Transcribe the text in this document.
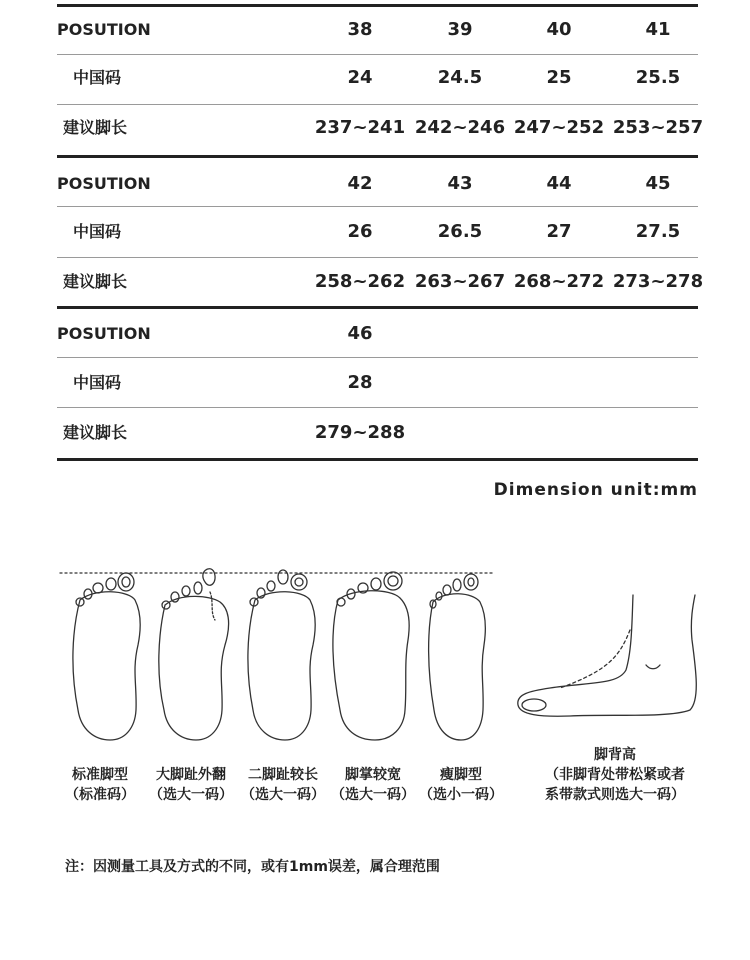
POSUTION	38	39	40	41
中国码	24	24.5	25	25.5
建议脚长	237~241 242~246 247~252 253~257
POSUTION	42	43	44	45
中国码	26	26.5	27	27.5
建议脚长	258~262 263~267 268~272 273~278
POSUTION	46
中国码	28
建议脚长	279~288
Dimension unit:mm
标准脚型
（标准码）
大脚趾外翻
（选大一码）
二脚趾较长
（选大一码）
脚掌较宽
（选大一码）
瘦脚型
（选小一码）
脚背高
（非脚背处带松紧或者
系带款式则选大一码）
注：因测量工具及方式的不同，或有1mm误差，属合理范围
